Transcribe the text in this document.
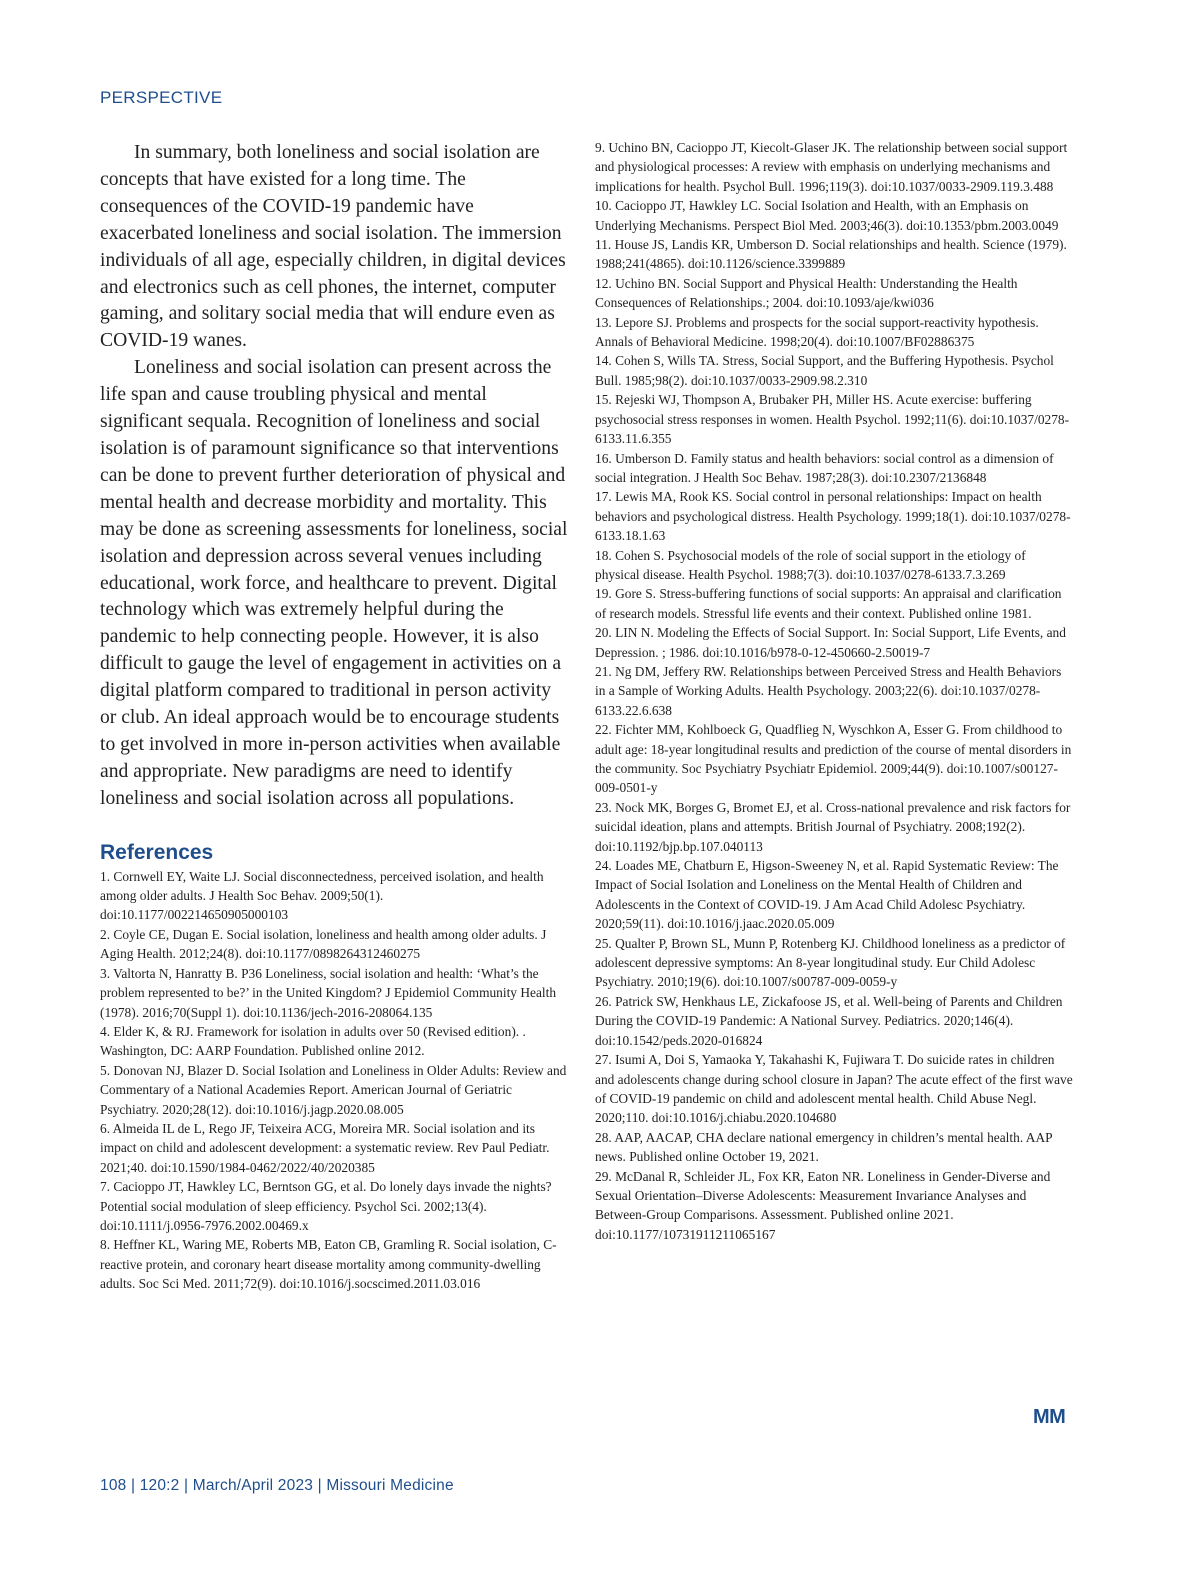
PERSPECTIVE

In summary, both loneliness and social isolation are concepts that have existed for a long time. The consequences of the COVID-19 pandemic have exacerbated loneliness and social isolation. The immersion individuals of all age, especially children, in digital devices and electronics such as cell phones, the internet, computer gaming, and solitary social media that will endure even as COVID-19 wanes.

Loneliness and social isolation can present across the life span and cause troubling physical and mental significant sequala. Recognition of loneliness and social isolation is of paramount significance so that interventions can be done to prevent further deterioration of physical and mental health and decrease morbidity and mortality. This may be done as screening assessments for loneliness, social isolation and depression across several venues including educational, work force, and healthcare to prevent. Digital technology which was extremely helpful during the pandemic to help connecting people. However, it is also difficult to gauge the level of engagement in activities on a digital platform compared to traditional in person activity or club. An ideal approach would be to encourage students to get involved in more in-person activities when available and appropriate. New paradigms are need to identify loneliness and social isolation across all populations.

References
1. Cornwell EY, Waite LJ. Social disconnectedness, perceived isolation, and health among older adults. J Health Soc Behav. 2009;50(1). doi:10.1177/002214650905000103
2. Coyle CE, Dugan E. Social isolation, loneliness and health among older adults. J Aging Health. 2012;24(8). doi:10.1177/0898264312460275
3. Valtorta N, Hanratty B. P36 Loneliness, social isolation and health: ‘What’s the problem represented to be?’ in the United Kingdom? J Epidemiol Community Health (1978). 2016;70(Suppl 1). doi:10.1136/jech-2016-208064.135
4. Elder K, & RJ. Framework for isolation in adults over 50 (Revised edition). . Washington, DC: AARP Foundation. Published online 2012.
5. Donovan NJ, Blazer D. Social Isolation and Loneliness in Older Adults: Review and Commentary of a National Academies Report. American Journal of Geriatric Psychiatry. 2020;28(12). doi:10.1016/j.jagp.2020.08.005
6. Almeida IL de L, Rego JF, Teixeira ACG, Moreira MR. Social isolation and its impact on child and adolescent development: a systematic review. Rev Paul Pediatr. 2021;40. doi:10.1590/1984-0462/2022/40/2020385
7. Cacioppo JT, Hawkley LC, Berntson GG, et al. Do lonely days invade the nights? Potential social modulation of sleep efficiency. Psychol Sci. 2002;13(4). doi:10.1111/j.0956-7976.2002.00469.x
8. Heffner KL, Waring ME, Roberts MB, Eaton CB, Gramling R. Social isolation, C-reactive protein, and coronary heart disease mortality among community-dwelling adults. Soc Sci Med. 2011;72(9). doi:10.1016/j.socscimed.2011.03.016
9. Uchino BN, Cacioppo JT, Kiecolt-Glaser JK. The relationship between social support and physiological processes: A review with emphasis on underlying mechanisms and implications for health. Psychol Bull. 1996;119(3). doi:10.1037/0033-2909.119.3.488
10. Cacioppo JT, Hawkley LC. Social Isolation and Health, with an Emphasis on Underlying Mechanisms. Perspect Biol Med. 2003;46(3). doi:10.1353/pbm.2003.0049
11. House JS, Landis KR, Umberson D. Social relationships and health. Science (1979). 1988;241(4865). doi:10.1126/science.3399889
12. Uchino BN. Social Support and Physical Health: Understanding the Health Consequences of Relationships.; 2004. doi:10.1093/aje/kwi036
13. Lepore SJ. Problems and prospects for the social support-reactivity hypothesis. Annals of Behavioral Medicine. 1998;20(4). doi:10.1007/BF02886375
14. Cohen S, Wills TA. Stress, Social Support, and the Buffering Hypothesis. Psychol Bull. 1985;98(2). doi:10.1037/0033-2909.98.2.310
15. Rejeski WJ, Thompson A, Brubaker PH, Miller HS. Acute exercise: buffering psychosocial stress responses in women. Health Psychol. 1992;11(6). doi:10.1037/0278-6133.11.6.355
16. Umberson D. Family status and health behaviors: social control as a dimension of social integration. J Health Soc Behav. 1987;28(3). doi:10.2307/2136848
17. Lewis MA, Rook KS. Social control in personal relationships: Impact on health behaviors and psychological distress. Health Psychology. 1999;18(1). doi:10.1037/0278-6133.18.1.63
18. Cohen S. Psychosocial models of the role of social support in the etiology of physical disease. Health Psychol. 1988;7(3). doi:10.1037/0278-6133.7.3.269
19. Gore S. Stress-buffering functions of social supports: An appraisal and clarification of research models. Stressful life events and their context. Published online 1981.
20. LIN N. Modeling the Effects of Social Support. In: Social Support, Life Events, and Depression. ; 1986. doi:10.1016/b978-0-12-450660-2.50019-7
21. Ng DM, Jeffery RW. Relationships between Perceived Stress and Health Behaviors in a Sample of Working Adults. Health Psychology. 2003;22(6). doi:10.1037/0278-6133.22.6.638
22. Fichter MM, Kohlboeck G, Quadflieg N, Wyschkon A, Esser G. From childhood to adult age: 18-year longitudinal results and prediction of the course of mental disorders in the community. Soc Psychiatry Psychiatr Epidemiol. 2009;44(9). doi:10.1007/s00127-009-0501-y
23. Nock MK, Borges G, Bromet EJ, et al. Cross-national prevalence and risk factors for suicidal ideation, plans and attempts. British Journal of Psychiatry. 2008;192(2). doi:10.1192/bjp.bp.107.040113
24. Loades ME, Chatburn E, Higson-Sweeney N, et al. Rapid Systematic Review: The Impact of Social Isolation and Loneliness on the Mental Health of Children and Adolescents in the Context of COVID-19. J Am Acad Child Adolesc Psychiatry. 2020;59(11). doi:10.1016/j.jaac.2020.05.009
25. Qualter P, Brown SL, Munn P, Rotenberg KJ. Childhood loneliness as a predictor of adolescent depressive symptoms: An 8-year longitudinal study. Eur Child Adolesc Psychiatry. 2010;19(6). doi:10.1007/s00787-009-0059-y
26. Patrick SW, Henkhaus LE, Zickafoose JS, et al. Well-being of Parents and Children During the COVID-19 Pandemic: A National Survey. Pediatrics. 2020;146(4). doi:10.1542/peds.2020-016824
27. Isumi A, Doi S, Yamaoka Y, Takahashi K, Fujiwara T. Do suicide rates in children and adolescents change during school closure in Japan? The acute effect of the first wave of COVID-19 pandemic on child and adolescent mental health. Child Abuse Negl. 2020;110. doi:10.1016/j.chiabu.2020.104680
28. AAP, AACAP, CHA declare national emergency in children’s mental health. AAP news. Published online October 19, 2021.
29. McDanal R, Schleider JL, Fox KR, Eaton NR. Loneliness in Gender-Diverse and Sexual Orientation–Diverse Adolescents: Measurement Invariance Analyses and Between-Group Comparisons. Assessment. Published online 2021. doi:10.1177/10731911211065167
MM
108 | 120:2 | March/April 2023 | Missouri Medicine
